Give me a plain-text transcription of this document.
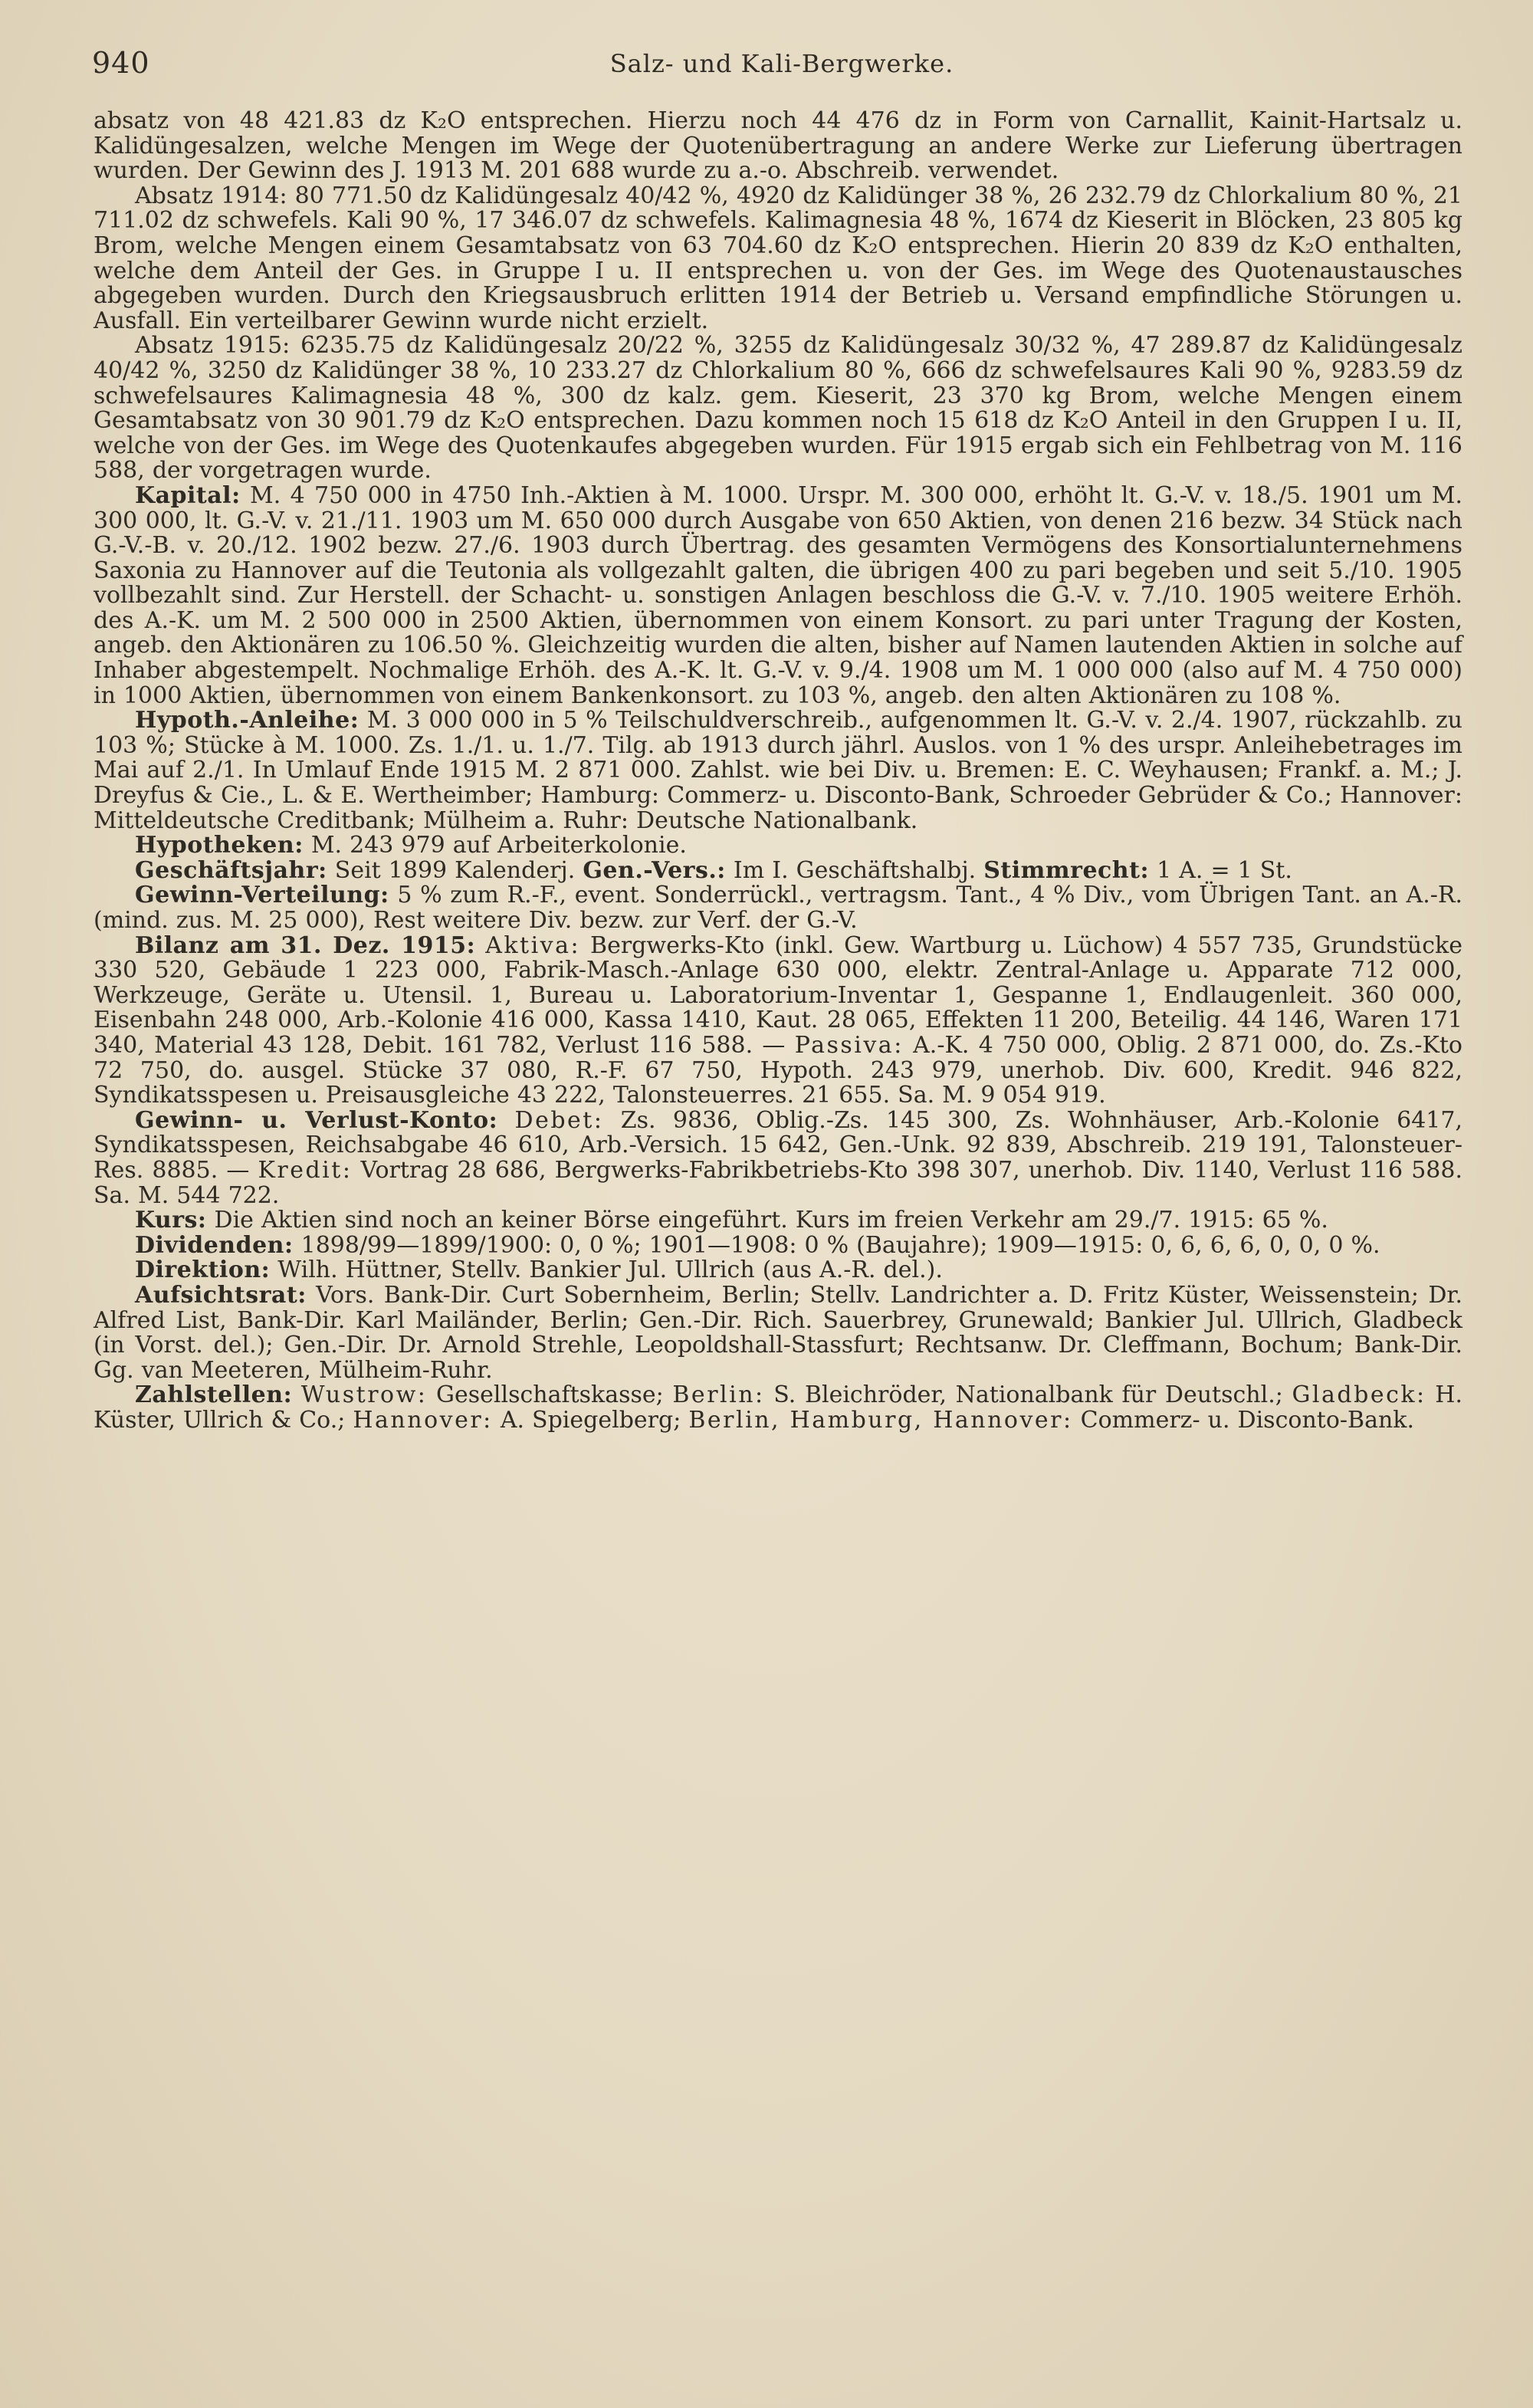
940	Salz- und Kali-Bergwerke.

absatz von 48 421.83 dz K₂O entsprechen. Hierzu noch 44 476 dz in Form von Carnallit, Kainit-Hartsalz u. Kalidüngesalzen, welche Mengen im Wege der Quotenübertragung an andere Werke zur Lieferung übertragen wurden. Der Gewinn des J. 1913 M. 201 688 wurde zu a.-o. Abschreib. verwendet.

Absatz 1914: 80 771.50 dz Kalidüngesalz 40/42 %, 4920 dz Kalidünger 38 %, 26 232.79 dz Chlorkalium 80 %, 21 711.02 dz schwefels. Kali 90 %, 17 346.07 dz schwefels. Kalimagnesia 48 %, 1674 dz Kieserit in Blöcken, 23 805 kg Brom, welche Mengen einem Gesamtabsatz von 63 704.60 dz K₂O entsprechen. Hierin 20 839 dz K₂O enthalten, welche dem Anteil der Ges. in Gruppe I u. II entsprechen u. von der Ges. im Wege des Quotenaustausches abgegeben wurden. Durch den Kriegsausbruch erlitten 1914 der Betrieb u. Versand empfindliche Störungen u. Ausfall. Ein verteilbarer Gewinn wurde nicht erzielt.

Absatz 1915: 6235.75 dz Kalidüngesalz 20/22 %, 3255 dz Kalidüngesalz 30/32 %, 47 289.87 dz Kalidüngesalz 40/42 %, 3250 dz Kalidünger 38 %, 10 233.27 dz Chlorkalium 80 %, 666 dz schwefelsaures Kali 90 %, 9283.59 dz schwefelsaures Kalimagnesia 48 %, 300 dz kalz. gem. Kieserit, 23 370 kg Brom, welche Mengen einem Gesamtabsatz von 30 901.79 dz K₂O entsprechen. Dazu kommen noch 15 618 dz K₂O Anteil in den Gruppen I u. II, welche von der Ges. im Wege des Quotenkaufes abgegeben wurden. Für 1915 ergab sich ein Fehlbetrag von M. 116 588, der vorgetragen wurde.

Kapital: M. 4 750 000 in 4750 Inh.-Aktien à M. 1000. Urspr. M. 300 000, erhöht lt. G.-V. v. 18./5. 1901 um M. 300 000, lt. G.-V. v. 21./11. 1903 um M. 650 000 durch Ausgabe von 650 Aktien, von denen 216 bezw. 34 Stück nach G.-V.-B. v. 20./12. 1902 bezw. 27./6. 1903 durch Übertrag. des gesamten Vermögens des Konsortialunternehmens Saxonia zu Hannover auf die Teutonia als vollgezahlt galten, die übrigen 400 zu pari begeben und seit 5./10. 1905 vollbezahlt sind. Zur Herstell. der Schacht- u. sonstigen Anlagen beschloss die G.-V. v. 7./10. 1905 weitere Erhöh. des A.-K. um M. 2 500 000 in 2500 Aktien, übernommen von einem Konsort. zu pari unter Tragung der Kosten, angeb. den Aktionären zu 106.50 %. Gleichzeitig wurden die alten, bisher auf Namen lautenden Aktien in solche auf Inhaber abgestempelt. Nochmalige Erhöh. des A.-K. lt. G.-V. v. 9./4. 1908 um M. 1 000 000 (also auf M. 4 750 000) in 1000 Aktien, übernommen von einem Bankenkonsort. zu 103 %, angeb. den alten Aktionären zu 108 %.

Hypoth.-Anleihe: M. 3 000 000 in 5 % Teilschuldverschreib., aufgenommen lt. G.-V. v. 2./4. 1907, rückzahlb. zu 103 %; Stücke à M. 1000. Zs. 1./1. u. 1./7. Tilg. ab 1913 durch jährl. Auslos. von 1 % des urspr. Anleihebetrages im Mai auf 2./1. In Umlauf Ende 1915 M. 2 871 000. Zahlst. wie bei Div. u. Bremen: E. C. Weyhausen; Frankf. a. M.; J. Dreyfus & Cie., L. & E. Wertheimber; Hamburg: Commerz- u. Disconto-Bank, Schroeder Gebrüder & Co.; Hannover: Mitteldeutsche Creditbank; Mülheim a. Ruhr: Deutsche Nationalbank.

Hypotheken: M. 243 979 auf Arbeiterkolonie.

Geschäftsjahr: Seit 1899 Kalenderj. Gen.-Vers.: Im I. Geschäftshalbj. Stimmrecht: 1 A. = 1 St.

Gewinn-Verteilung: 5 % zum R.-F., event. Sonderrückl., vertragsm. Tant., 4 % Div., vom Übrigen Tant. an A.-R. (mind. zus. M. 25 000), Rest weitere Div. bezw. zur Verf. der G.-V.

Bilanz am 31. Dez. 1915: Aktiva: Bergwerks-Kto (inkl. Gew. Wartburg u. Lüchow) 4 557 735, Grundstücke 330 520, Gebäude 1 223 000, Fabrik-Masch.-Anlage 630 000, elektr. Zentral-Anlage u. Apparate 712 000, Werkzeuge, Geräte u. Utensil. 1, Bureau u. Laboratorium-Inventar 1, Gespanne 1, Endlaugenleit. 360 000, Eisenbahn 248 000, Arb.-Kolonie 416 000, Kassa 1410, Kaut. 28 065, Effekten 11 200, Beteilig. 44 146, Waren 171 340, Material 43 128, Debit. 161 782, Verlust 116 588. — Passiva: A.-K. 4 750 000, Oblig. 2 871 000, do. Zs.-Kto 72 750, do. ausgel. Stücke 37 080, R.-F. 67 750, Hypoth. 243 979, unerhob. Div. 600, Kredit. 946 822, Syndikatsspesen u. Preisausgleiche 43 222, Talonsteuerres. 21 655. Sa. M. 9 054 919.

Gewinn- u. Verlust-Konto: Debet: Zs. 9836, Oblig.-Zs. 145 300, Zs. Wohnhäuser, Arb.-Kolonie 6417, Syndikatsspesen, Reichsabgabe 46 610, Arb.-Versich. 15 642, Gen.-Unk. 92 839, Abschreib. 219 191, Talonsteuer-Res. 8885. — Kredit: Vortrag 28 686, Bergwerks-Fabrikbetriebs-Kto 398 307, unerhob. Div. 1140, Verlust 116 588. Sa. M. 544 722.

Kurs: Die Aktien sind noch an keiner Börse eingeführt. Kurs im freien Verkehr am 29./7. 1915: 65 %.

Dividenden: 1898/99—1899/1900: 0, 0 %; 1901—1908: 0 % (Baujahre); 1909—1915: 0, 6, 6, 6, 0, 0, 0 %.

Direktion: Wilh. Hüttner, Stellv. Bankier Jul. Ullrich (aus A.-R. del.).

Aufsichtsrat: Vors. Bank-Dir. Curt Sobernheim, Berlin; Stellv. Landrichter a. D. Fritz Küster, Weissenstein; Dr. Alfred List, Bank-Dir. Karl Mailänder, Berlin; Gen.-Dir. Rich. Sauerbrey, Grunewald; Bankier Jul. Ullrich, Gladbeck (in Vorst. del.); Gen.-Dir. Dr. Arnold Strehle, Leopoldshall-Stassfurt; Rechtsanw. Dr. Cleffmann, Bochum; Bank-Dir. Gg. van Meeteren, Mülheim-Ruhr.

Zahlstellen: Wustrow: Gesellschaftskasse; Berlin: S. Bleichröder, Nationalbank für Deutschl.; Gladbeck: H. Küster, Ullrich & Co.; Hannover: A. Spiegelberg; Berlin, Hamburg, Hannover: Commerz- u. Disconto-Bank.
